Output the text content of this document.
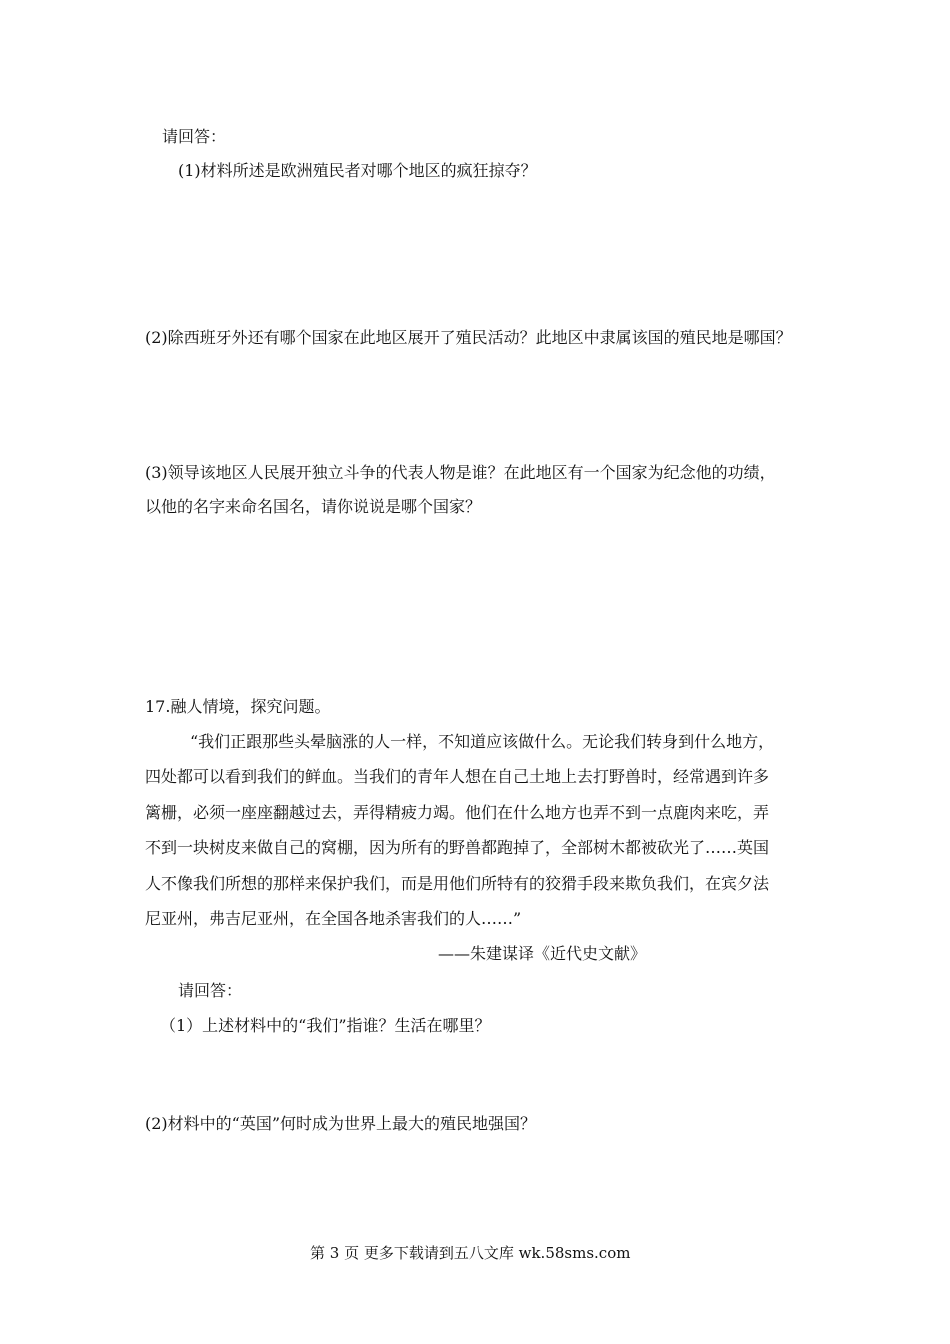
请回答：
(1)材料所述是欧洲殖民者对哪个地区的疯狂掠夺？
(2)除西班牙外还有哪个国家在此地区展开了殖民活动？此地区中隶属该国的殖民地是哪国？
(3)领导该地区人民展开独立斗争的代表人物是谁？在此地区有一个国家为纪念他的功绩，
以他的名字来命名国名，请你说说是哪个国家？
17.融人情境，探究问题。
“我们正跟那些头晕脑涨的人一样，不知道应该做什么。无论我们转身到什么地方，
四处都可以看到我们的鲜血。当我们的青年人想在自己土地上去打野兽时，经常遇到许多
篱栅，必须一座座翻越过去，弄得精疲力竭。他们在什么地方也弄不到一点鹿肉来吃，弄
不到一块树皮来做自己的窝棚，因为所有的野兽都跑掉了，全部树木都被砍光了……英国
人不像我们所想的那样来保护我们，而是用他们所特有的狡猾手段来欺负我们，在宾夕法
尼亚州，弗吉尼亚州，在全国各地杀害我们的人……”
——朱建谋译《近代史文献》
请回答：
（1）上述材料中的“我们”指谁？生活在哪里？
(2)材料中的“英国”何时成为世界上最大的殖民地强国？
第 3 页 更多下载请到五八文库 wk.58sms.com
